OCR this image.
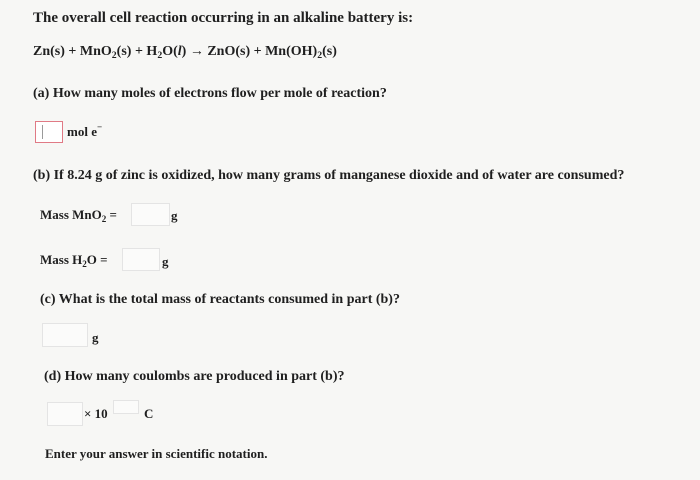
The overall cell reaction occurring in an alkaline battery is:
$Zn(s) + MnO_2(s) + H_2O(l) \to ZnO(s) + Mn(OH)_2(s)$
(a) How many moles of electrons flow per mole of reaction?
mol e−
(b) If 8.24 g of zinc is oxidized, how many grams of manganese dioxide and of water are consumed?
Mass MnO$_2$ =	g
Mass $H_2O$ =	g
(c) What is the total mass of reactants consumed in part (b)?
g
(d) How many coulombs are produced in part (b)?
× 10	C
Enter your answer in scientific notation.
